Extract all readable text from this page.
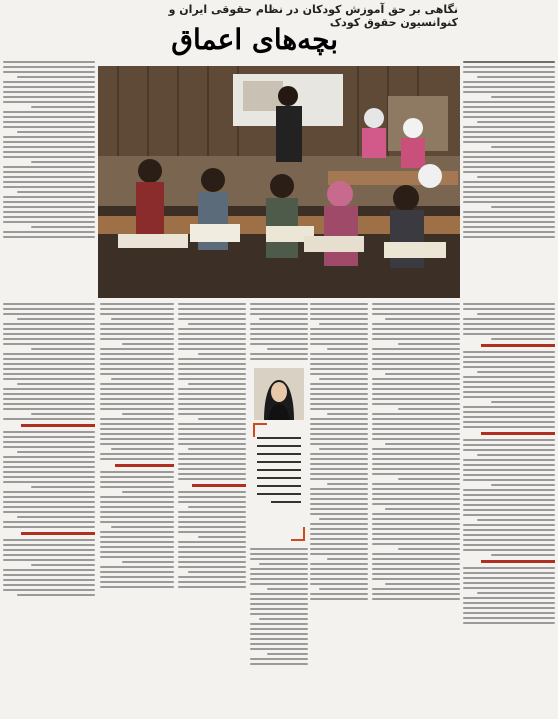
نگاهی بر حق آموزش کودکان در نظام حقوقی ایران و کنوانسیون حقوق کودک
بچه‌های اعماق
